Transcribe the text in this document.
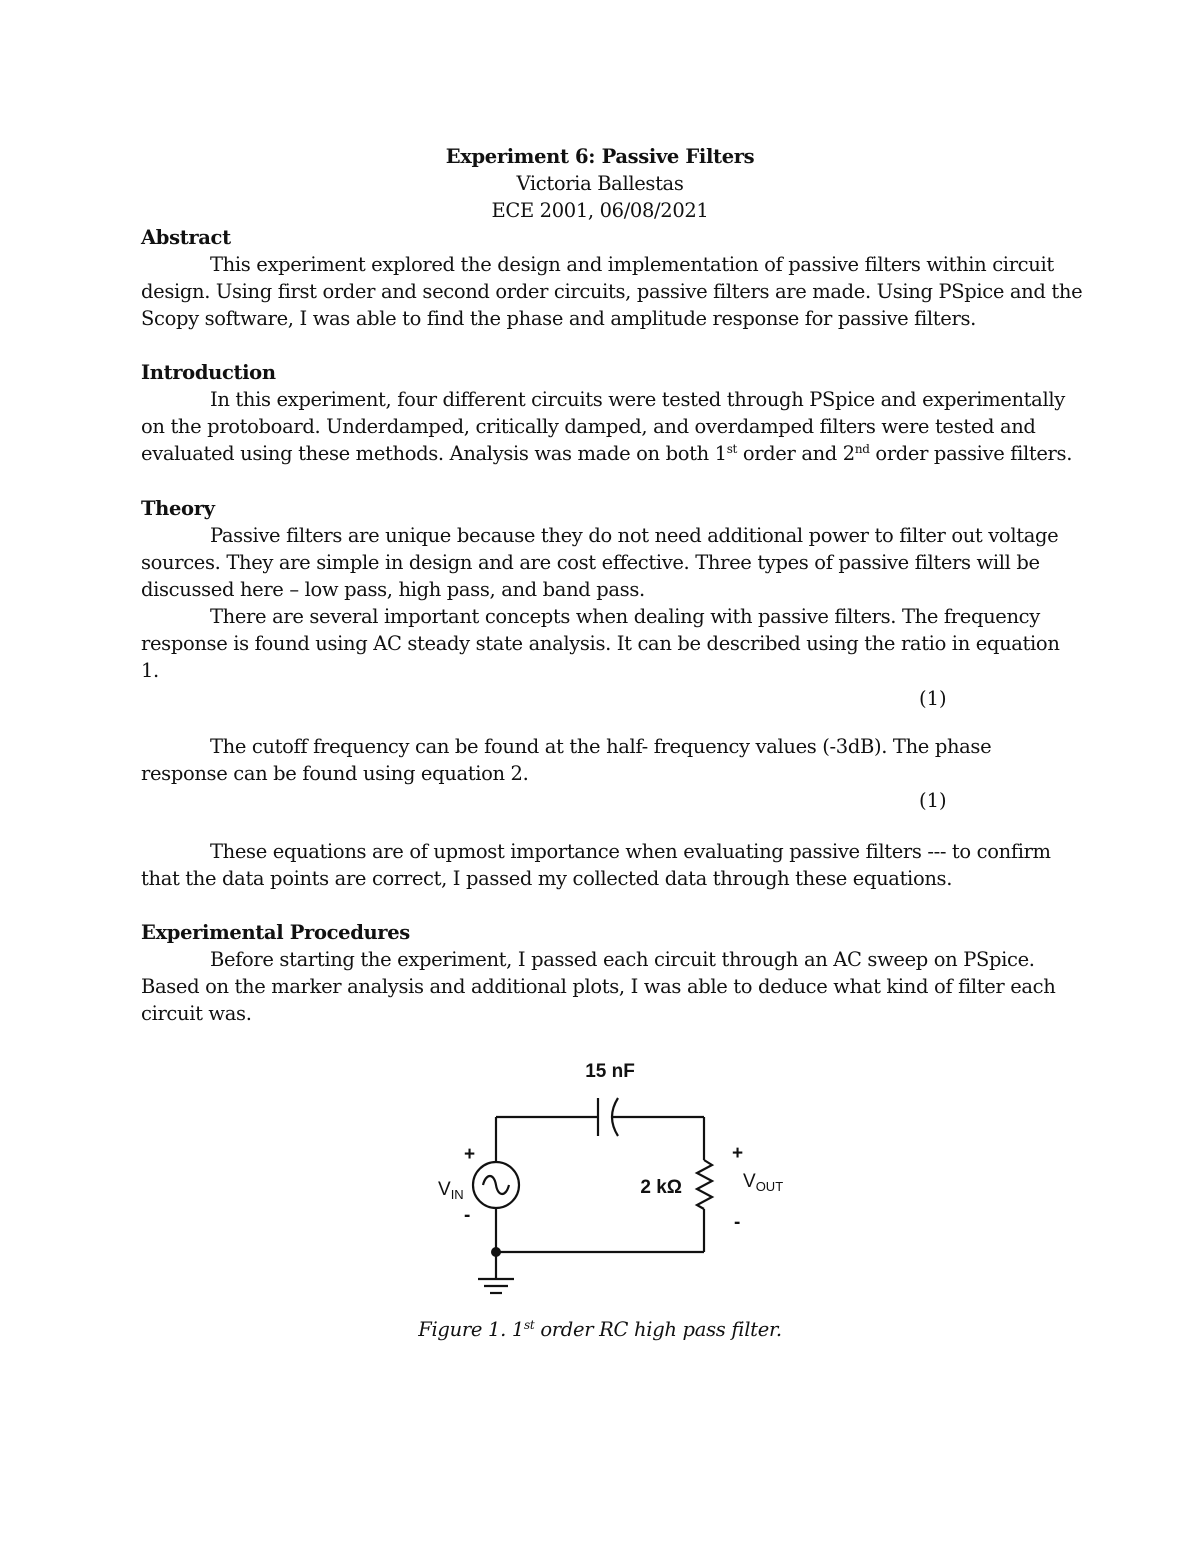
Experiment 6: Passive Filters
Victoria Ballestas
ECE 2001, 06/08/2021
Abstract
This experiment explored the design and implementation of passive filters within circuit
design. Using first order and second order circuits, passive filters are made. Using PSpice and the
Scopy software, I was able to find the phase and amplitude response for passive filters.
Introduction
In this experiment, four different circuits were tested through PSpice and experimentally
on the protoboard. Underdamped, critically damped, and overdamped filters were tested and
evaluated using these methods. Analysis was made on both 1st order and 2nd order passive filters.
Theory
Passive filters are unique because they do not need additional power to filter out voltage
sources. They are simple in design and are cost effective. Three types of passive filters will be
discussed here – low pass, high pass, and band pass.
There are several important concepts when dealing with passive filters. The frequency
response is found using AC steady state analysis. It can be described using the ratio in equation
1.
(1)
The cutoff frequency can be found at the half- frequency values (-3dB). The phase
response can be found using equation 2.
(1)
These equations are of upmost importance when evaluating passive filters --- to confirm
that the data points are correct, I passed my collected data through these equations.
Experimental Procedures
Before starting the experiment, I passed each circuit through an AC sweep on PSpice.
Based on the marker analysis and additional plots, I was able to deduce what kind of filter each
circuit was.
15 nF
2 kΩ
+
-
$V_{IN}$
+
-
$V_{OUT}$
Figure 1. 1st order RC high pass filter.
